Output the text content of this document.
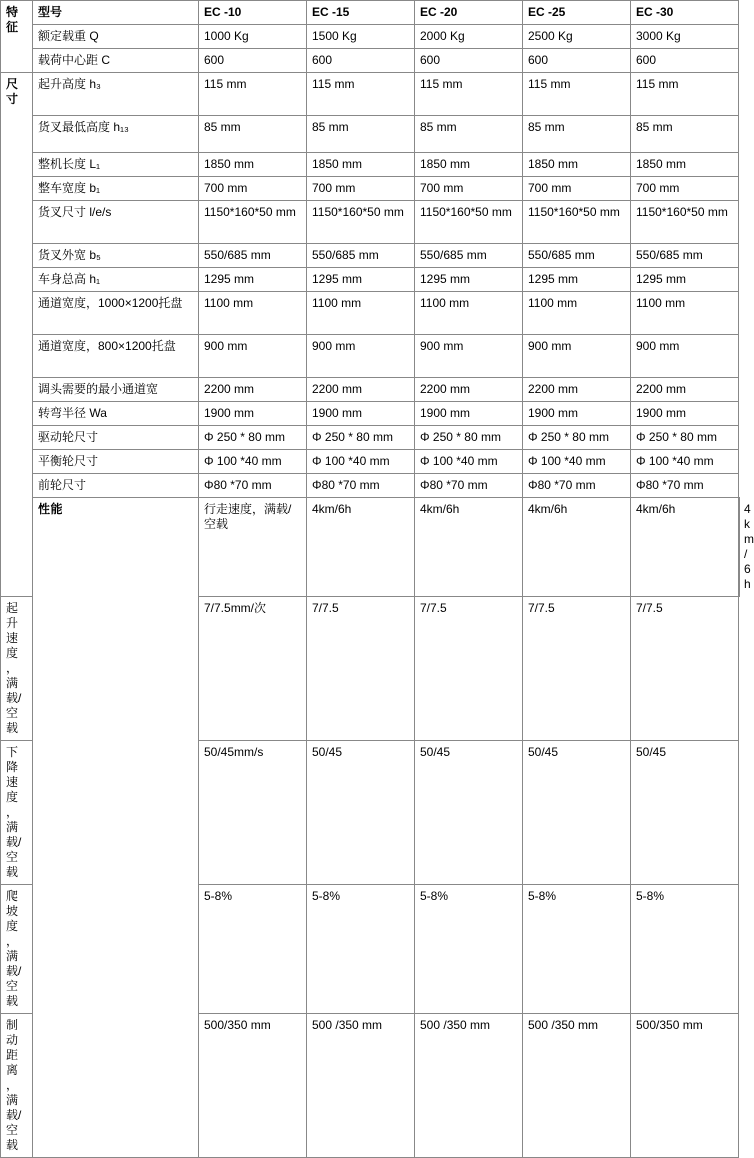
特征	型号	EC -10	EC -15	EC -20	EC -25	EC -30	
	额定载重 Q	1000 Kg	1500 Kg	2000 Kg	2500 Kg	3000 Kg	
	载荷中心距 C	600	600	600	600	600	
尺寸	起升高度 h₃	115 mm	115 mm	115 mm	115 mm	115 mm	
	货叉最低高度 h₁₃	85 mm	85 mm	85 mm	85 mm	85 mm	
	整机长度 L₁	1850 mm	1850 mm	1850 mm	1850 mm	1850 mm	
	整车宽度 b₁	700 mm	700 mm	700 mm	700 mm	700 mm	
	货叉尺寸 l/e/s	1150*160*50 mm	1150*160*50 mm	1150*160*50 mm	1150*160*50 mm	1150*160*50 mm	
	货叉外宽 b₅	550/685 mm	550/685 mm	550/685 mm	550/685 mm	550/685 mm	
	车身总高 h₁	1295 mm	1295 mm	1295 mm	1295 mm	1295 mm	
	通道宽度，1000×1200托盘	1100 mm	1100 mm	1100 mm	1100 mm	1100 mm	
	通道宽度，800×1200托盘	900 mm	900 mm	900 mm	900 mm	900 mm	
	调头需要的最小通道宽	2200 mm	2200 mm	2200 mm	2200 mm	2200 mm	
	转弯半径 Wa	1900 mm	1900 mm	1900 mm	1900 mm	1900 mm	
	驱动轮尺寸	Φ 250 * 80 mm	Φ 250 * 80 mm	Φ 250 * 80 mm	Φ 250 * 80 mm	Φ 250 * 80 mm	
	平衡轮尺寸	Φ 100 *40 mm	Φ 100 *40 mm	Φ 100 *40 mm	Φ 100 *40 mm	Φ 100 *40 mm	
	前轮尺寸	Φ80 *70 mm	Φ80 *70 mm	Φ80 *70 mm	Φ80 *70 mm	Φ80 *70 mm	
	性能	行走速度，满载/空载	4km/6h	4km/6h	4km/6h	4km/6h	4km/6h
起升速度，满载/空载		7/7.5mm/次	7/7.5	7/7.5	7/7.5	7/7.5	
下降速度，满载/空载		50/45mm/s	50/45	50/45	50/45	50/45	
爬坡度，满载/空载		5-8%	5-8%	5-8%	5-8%	5-8%	
制动距离，满载/空载		500/350 mm	500 /350 mm	500 /350 mm	500 /350 mm	500/350 mm	
